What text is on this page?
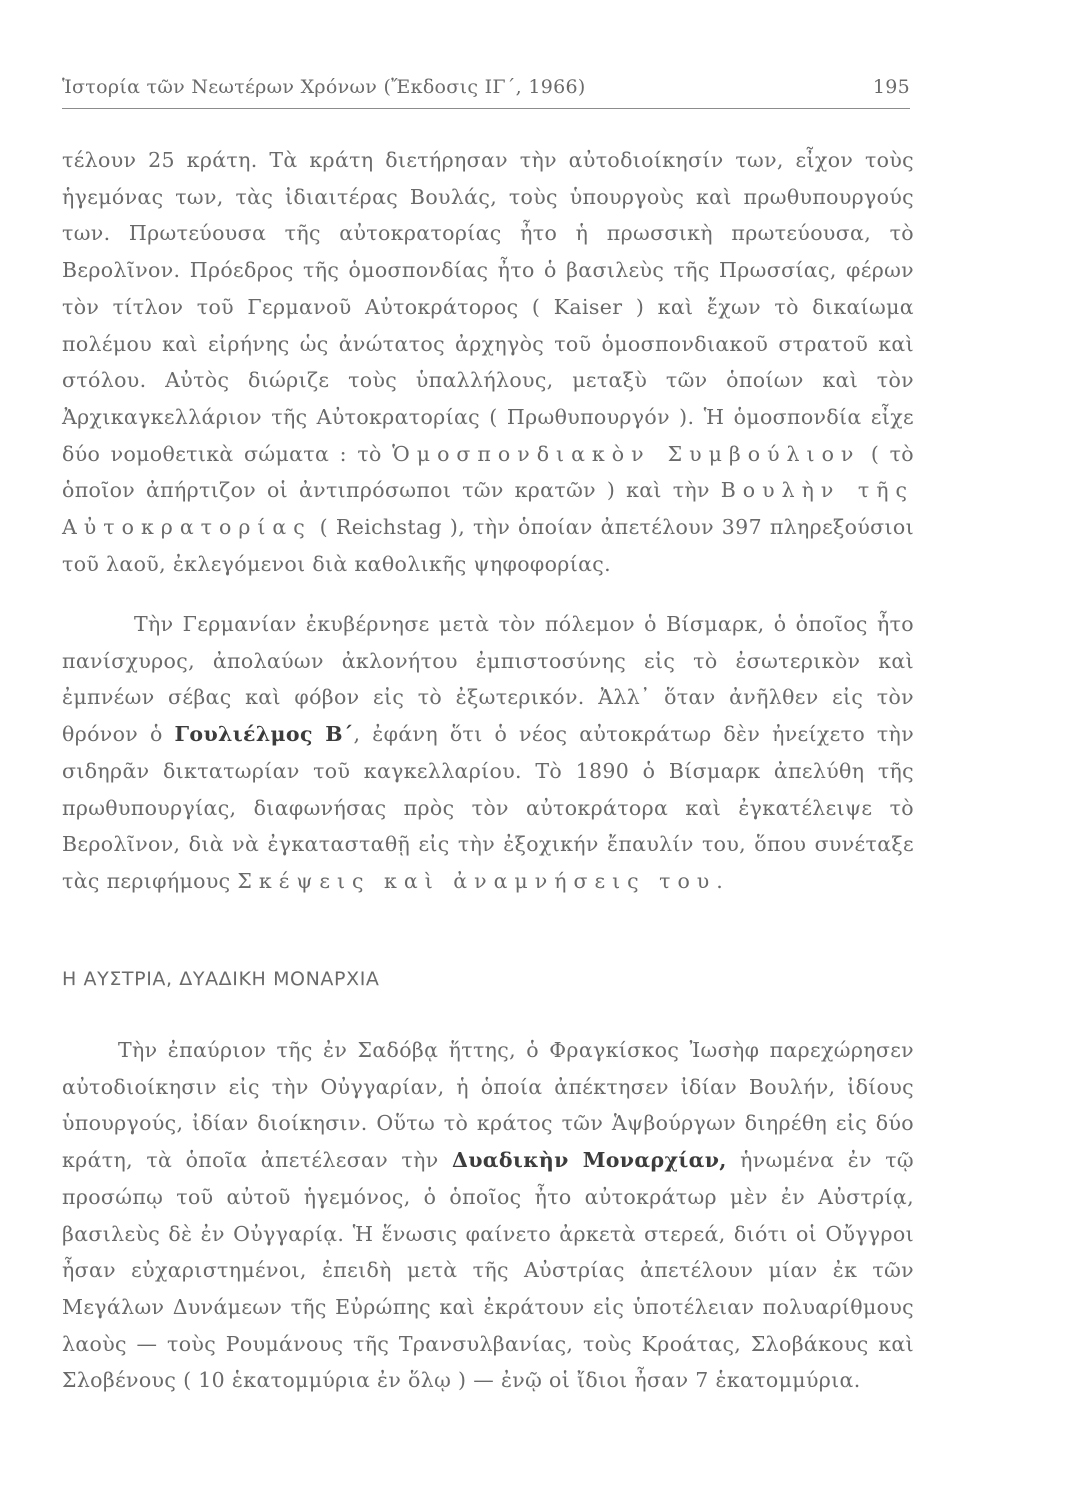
Ἱστορία τῶν Νεωτέρων Χρόνων (Ἔκδοσις ΙΓ΄, 1966)	195

τέλουν 25 κράτη. Τὰ κράτη διετήρησαν τὴν αὐτοδιοίκησίν των, εἶχον τοὺς ἡγεμόνας των, τὰς ἰδιαιτέρας Βουλάς, τοὺς ὑπουργοὺς καὶ πρωθυπουργούς των. Πρωτεύουσα τῆς αὐτοκρατορίας ἦτο ἡ πρωσσικὴ πρωτεύουσα, τὸ Βερολῖνον. Πρόεδρος τῆς ὁμοσπονδίας ἦτο ὁ βασιλεὺς τῆς Πρωσσίας, φέρων τὸν τίτλον τοῦ Γερμανοῦ Αὐτοκράτορος ( Kaiser ) καὶ ἔχων τὸ δικαίωμα πολέμου καὶ εἰρήνης ὡς ἀνώτατος ἀρχηγὸς τοῦ ὁμοσπονδιακοῦ στρατοῦ καὶ στόλου. Αὐτὸς διώριζε τοὺς ὑπαλλήλους, μεταξὺ τῶν ὁποίων καὶ τὸν Ἀρχικαγκελλάριον τῆς Αὐτοκρατορίας ( Πρωθυπουργόν ). Ἡ ὁμοσπονδία εἶχε δύο νομοθετικὰ σώματα : τὸ Ὁμοσπονδιακὸν Συμβούλιον ( τὸ ὁποῖον ἀπήρτιζον οἱ ἀντιπρόσωποι τῶν κρατῶν ) καὶ τὴν Βουλὴν τῆς Αὐτοκρατορίας ( Reichstag ), τὴν ὁποίαν ἀπετέλουν 397 πληρεξούσιοι τοῦ λαοῦ, ἐκλεγόμενοι διὰ καθολικῆς ψηφοφορίας.

Τὴν Γερμανίαν ἐκυβέρνησε μετὰ τὸν πόλεμον ὁ Βίσμαρκ, ὁ ὁποῖος ἦτο πανίσχυρος, ἀπολαύων ἀκλονήτου ἐμπιστοσύνης εἰς τὸ ἐσωτερικὸν καὶ ἐμπνέων σέβας καὶ φόβον εἰς τὸ ἐξωτερικόν. Ἀλλ᾽ ὅταν ἀνῆλθεν εἰς τὸν θρόνον ὁ Γουλιέλμος Β΄, ἐφάνη ὅτι ὁ νέος αὐτοκράτωρ δὲν ἠνείχετο τὴν σιδηρᾶν δικτατωρίαν τοῦ καγκελλαρίου. Τὸ 1890 ὁ Βίσμαρκ ἀπελύθη τῆς πρωθυπουργίας, διαφωνήσας πρὸς τὸν αὐτοκράτορα καὶ ἐγκατέλειψε τὸ Βερολῖνον, διὰ νὰ ἐγκατασταθῇ εἰς τὴν ἐξοχικήν ἔπαυλίν του, ὅπου συνέταξε τὰς περιφήμους Σκέψεις καὶ ἀναμνήσεις του.

Η ΑΥΣΤΡΙΑ, ΔΥΑΔΙΚΗ ΜΟΝΑΡΧΙΑ

Τὴν ἐπαύριον τῆς ἐν Σαδόβᾳ ἥττης, ὁ Φραγκίσκος Ἰωσὴφ παρεχώρησεν αὐτοδιοίκησιν εἰς τὴν Οὐγγαρίαν, ἡ ὁποία ἀπέκτησεν ἰδίαν Βουλήν, ἰδίους ὑπουργούς, ἰδίαν διοίκησιν. Οὕτω τὸ κράτος τῶν Ἁψβούργων διηρέθη εἰς δύο κράτη, τὰ ὁποῖα ἀπετέλεσαν τὴν Δυαδικὴν Μοναρχίαν, ἡνωμένα ἐν τῷ προσώπῳ τοῦ αὐτοῦ ἡγεμόνος, ὁ ὁποῖος ἦτο αὐτοκράτωρ μὲν ἐν Αὐστρίᾳ, βασιλεὺς δὲ ἐν Οὐγγαρίᾳ. Ἡ ἕνωσις φαίνετο ἀρκετὰ στερεά, διότι οἱ Οὔγγροι ἦσαν εὐχαριστημένοι, ἐπειδὴ μετὰ τῆς Αὐστρίας ἀπετέλουν μίαν ἐκ τῶν Μεγάλων Δυνάμεων τῆς Εὐρώπης καὶ ἐκράτουν εἰς ὑποτέλειαν πολυαρίθμους λαοὺς — τοὺς Ρουμάνους τῆς Τρανσυλβανίας, τοὺς Κροάτας, Σλοβάκους καὶ Σλοβένους ( 10 ἑκατομμύρια ἐν ὅλῳ ) — ἐνῷ οἱ ἴδιοι ἦσαν 7 ἑκατομμύρια.
